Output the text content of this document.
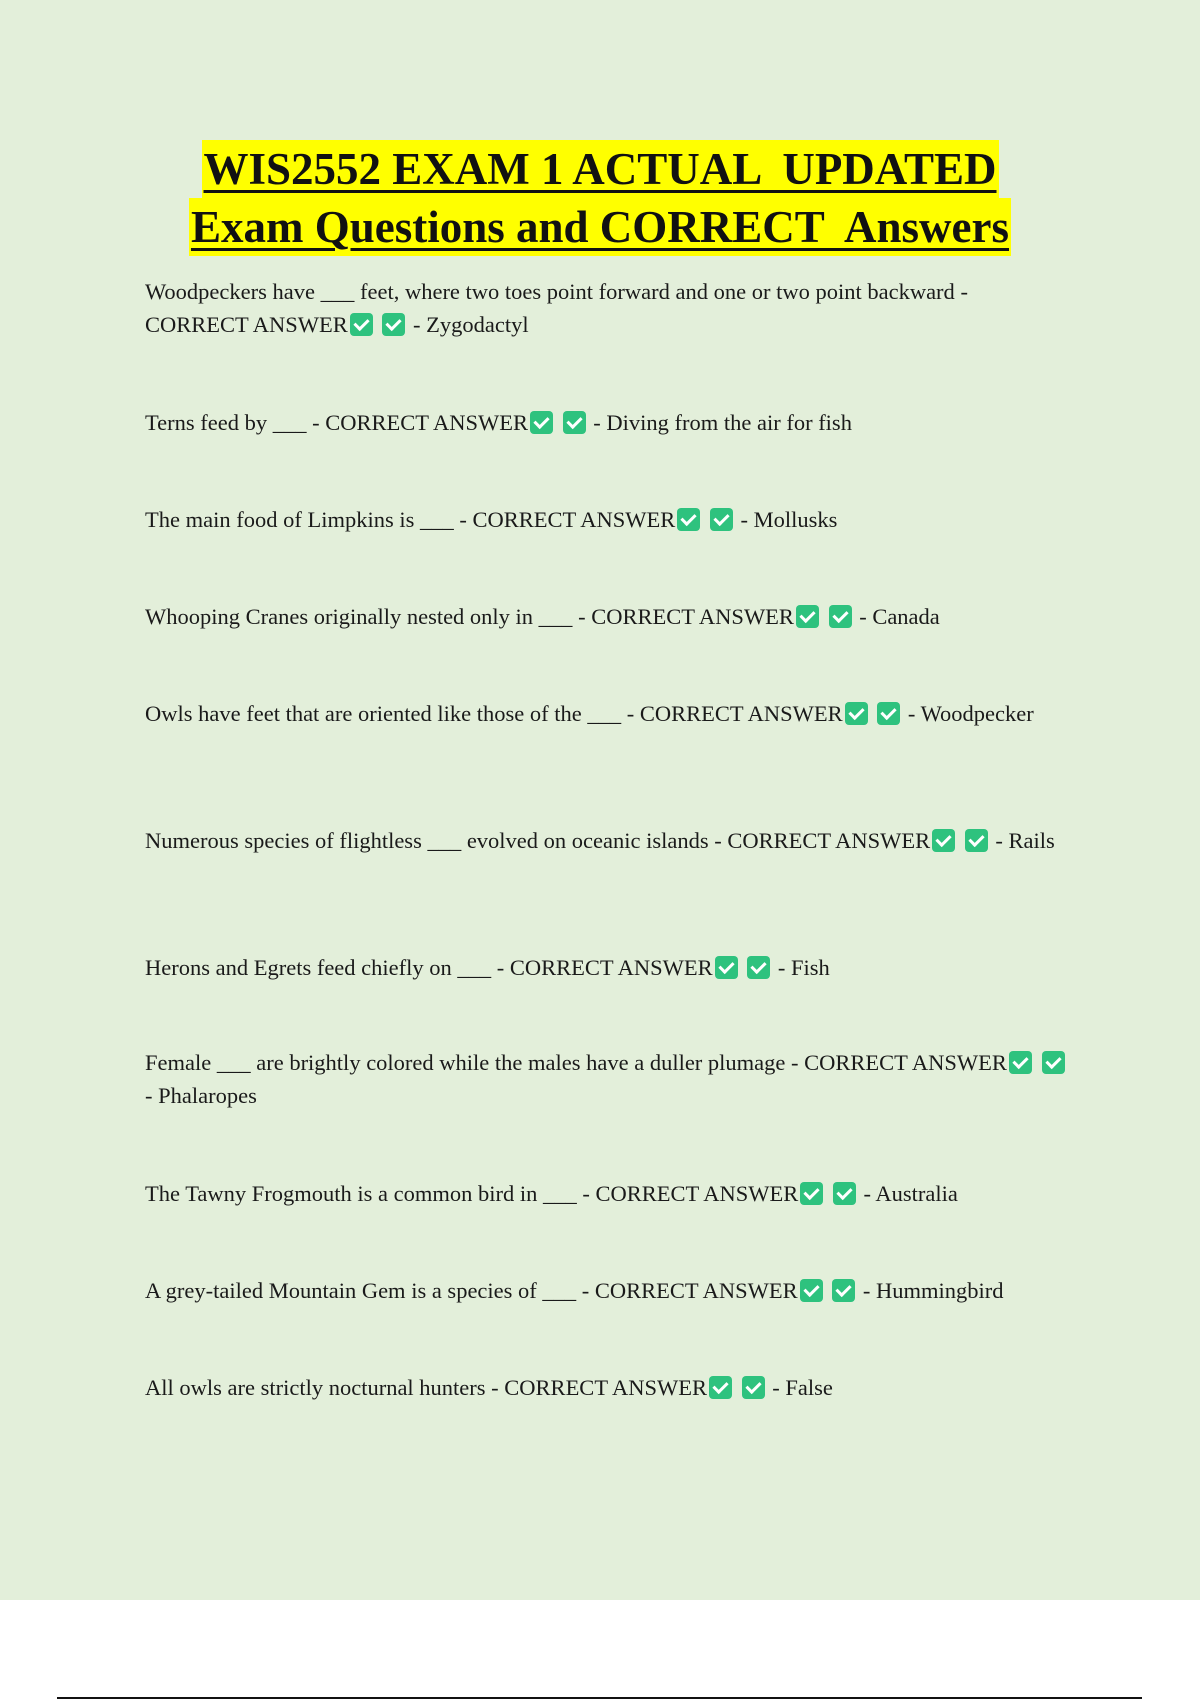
WIS2552 EXAM 1 ACTUAL  UPDATED
Exam Questions and CORRECT  Answers
Woodpeckers have ___ feet, where two toes point forward and one or two point backward - CORRECT ANSWER	- Zygodactyl
Terns feed by ___ - CORRECT ANSWER	- Diving from the air for fish
The main food of Limpkins is ___ - CORRECT ANSWER	- Mollusks
Whooping Cranes originally nested only in ___ - CORRECT ANSWER	- Canada
Owls have feet that are oriented like those of the ___ - CORRECT ANSWER	- Woodpecker
Numerous species of flightless ___ evolved on oceanic islands - CORRECT ANSWER	- Rails
Herons and Egrets feed chiefly on ___ - CORRECT ANSWER	- Fish
Female ___ are brightly colored while the males have a duller plumage - CORRECT ANSWER  - Phalaropes
The Tawny Frogmouth is a common bird in ___ - CORRECT ANSWER	- Australia
A grey-tailed Mountain Gem is a species of ___ - CORRECT ANSWER	- Hummingbird
All owls are strictly nocturnal hunters - CORRECT ANSWER	- False
